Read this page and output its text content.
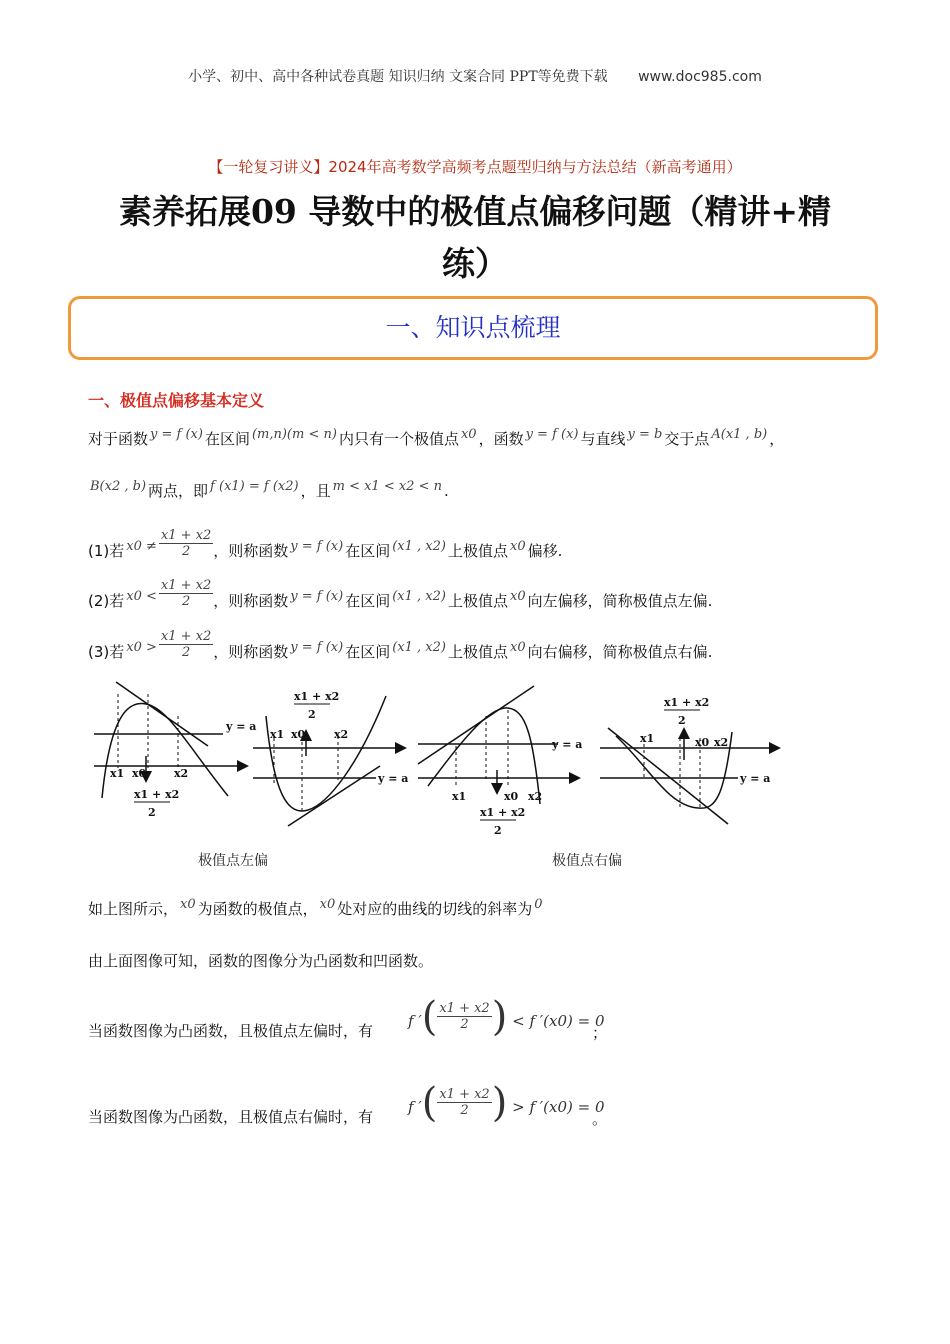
小学、初中、高中各种试卷真题 知识归纳 文案合同 PPT等免费下载 www.doc985.com
【一轮复习讲义】2024年高考数学高频考点题型归纳与方法总结（新高考通用）
素养拓展09 导数中的极值点偏移问题（精讲+精练）
一、知识点梳理
一、极值点偏移基本定义
对于函数 y = f (x) 在区间 (m,n)(m < n) 内只有一个极值点 x0 ，函数 y = f (x) 与直线 y = b 交于点 A(x1 , b) ，
B(x2 , b) 两点，即 f (x1) = f (x2) ，且 m < x1 < x2 < n .
(1)若 $x0 \ne \frac{x1 + x2}{2}$ ，则称函数 y = f (x) 在区间 (x1 , x2) 上极值点 x0 偏移.
(2)若 $x0 < \frac{x1 + x2}{2}$ ，则称函数 y = f (x) 在区间 (x1 , x2) 上极值点 x0 向左偏移，简称极值点左偏.
(3)若 $x0 > \frac{x1 + x2}{2}$ ，则称函数 y = f (x) 在区间 (x1 , x2) 上极值点 x0 向右偏移，简称极值点右偏.
y = a
x1 x0	x2
x1 + x2
2
y = a
x1 x0	x2
x1 + x2
2
y = a
x1	x0 x2
x1 + x2
2
y = a
x1	x0 x2
x1 + x2
2
极值点左偏	极值点右偏
如上图所示， x0 为函数的极值点， x0 处对应的曲线的切线的斜率为 0
由上面图像可知，函数的图像分为凸函数和凹函数。
当函数图像为凸函数，且极值点左偏时，有
f ′( $\frac{x1 + x2}{2}$ ) < f ′(x0) = 0
；
当函数图像为凸函数，且极值点右偏时，有
f ′( $\frac{x1 + x2}{2}$ ) > f ′(x0) = 0
。
